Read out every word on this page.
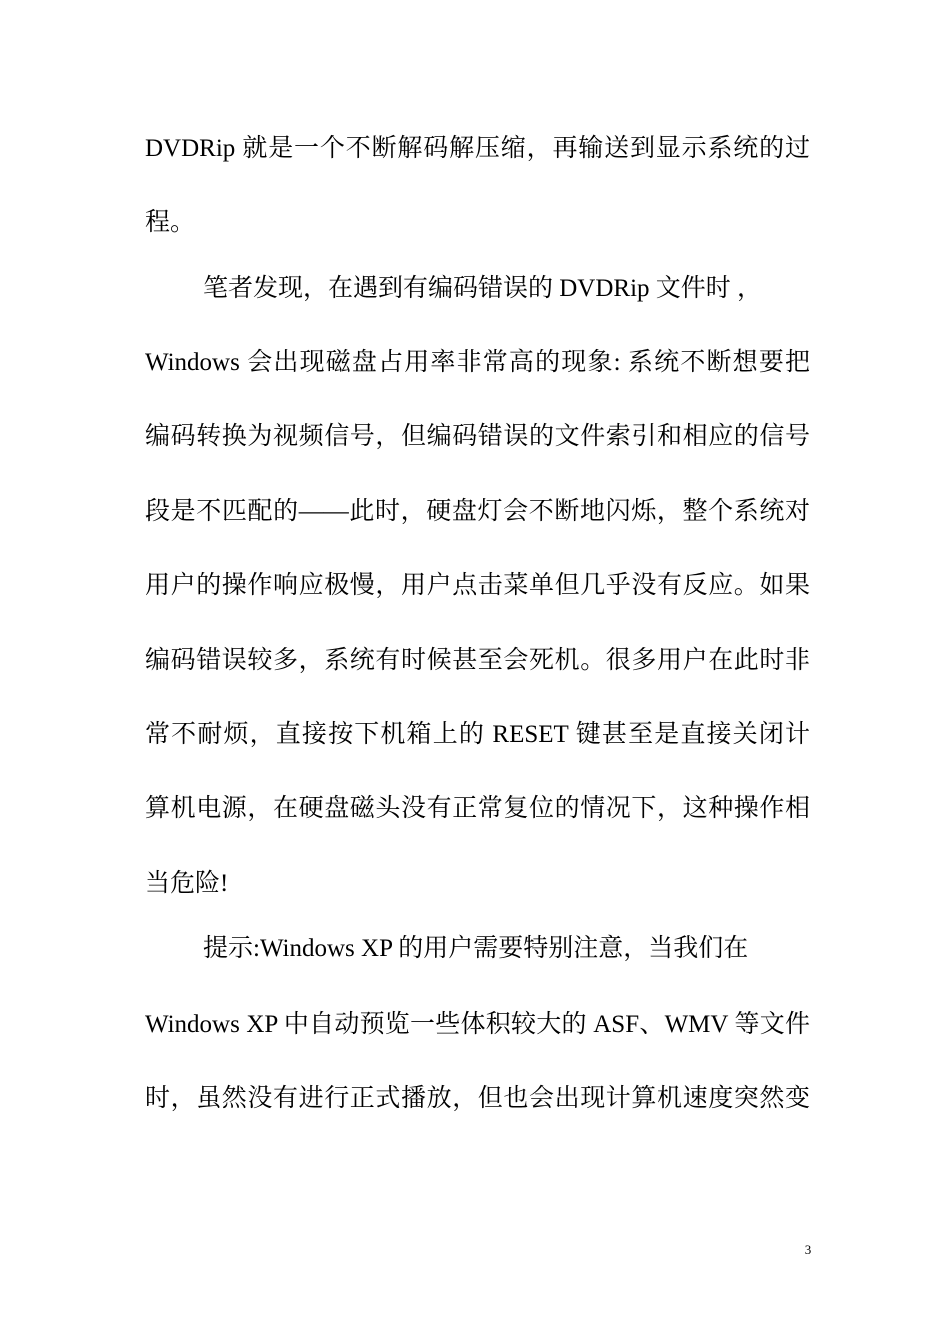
DVDRip 就是一个不断解码解压缩，再输送到显示系统的过
程。
笔者发现，在遇到有编码错误的 DVDRip 文件时 ，
Windows 会出现磁盘占用率非常高的现象: 系统不断想要把
编码转换为视频信号，但编码错误的文件索引和相应的信号
段是不匹配的——此时，硬盘灯会不断地闪烁，整个系统对
用户的操作响应极慢，用户点击菜单但几乎没有反应。如果
编码错误较多，系统有时候甚至会死机。很多用户在此时非
常不耐烦，直接按下机箱上的 RESET 键甚至是直接关闭计
算机电源，在硬盘磁头没有正常复位的情况下，这种操作相
当危险!
提示:Windows XP 的用户需要特别注意，当我们在
Windows XP 中自动预览一些体积较大的 ASF、WMV 等文件
时，虽然没有进行正式播放，但也会出现计算机速度突然变
3
